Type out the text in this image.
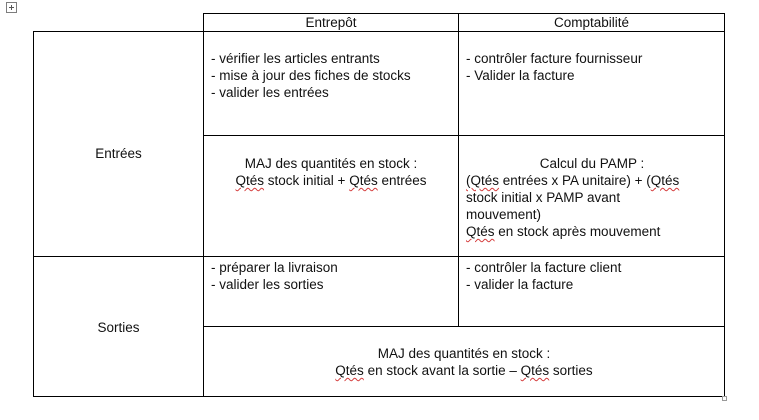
Entrepôt	Comptabilité
Entrées
Sorties
- vérifier les articles entrants
- mise à jour des fiches de stocks
- valider les entrées
- contrôler facture fournisseur
- Valider la facture
MAJ des quantités en stock :
Qtés stock initial + Qtés entrées
Calcul du PAMP :
(Qtés entrées x PA unitaire) + (Qtés
stock initial x PAMP avant
mouvement)
Qtés en stock après mouvement
- préparer la livraison
- valider les sorties
- contrôler la facture client
- valider la facture
MAJ des quantités en stock :
Qtés en stock avant la sortie – Qtés sorties
